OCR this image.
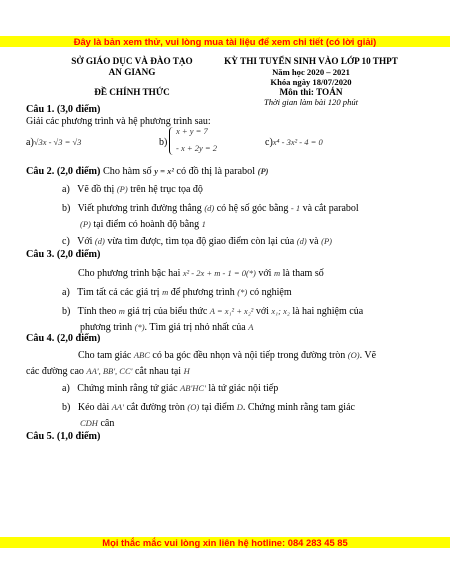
Đây là bản xem thử, vui lòng mua tài liệu để xem chi tiết (có lời giải)
Mọi thắc mắc vui lòng xin liên hệ hotline: 084 283 45 85
SỞ GIÁO DỤC VÀ ĐÀO TẠO
AN GIANG
ĐỀ CHÍNH THỨC
KỲ THI TUYỂN SINH VÀO LỚP 10 THPT
Năm học 2020 – 2021
Khóa ngày 18/07/2020
Môn thi: TOÁN
Thời gian làm bài 120 phút
Câu 1. (3,0 điểm)
Giải các phương trình và hệ phương trình sau:
a)√3x - √3 = √3	b)
x + y = 7
- x + 2y = 2	c)x⁴ - 3x² - 4 = 0
Câu 2. (2,0 điểm) Cho hàm số y = x² có đồ thị là parabol (P)
a) Vẽ đồ thị (P) trên hệ trục tọa độ
b) Viết phương trình đường thẳng (d) có hệ số góc bằng - 1 và cắt parabol
(P) tại điểm có hoành độ bằng 1
c) Với (d) vừa tìm được, tìm tọa độ giao điểm còn lại của (d) và (P)
Câu 3. (2,0 điểm)
Cho phương trình bậc hai x² - 2x + m - 1 = 0(*) với m là tham số
a) Tìm tất cả các giá trị m để phương trình (*) có nghiệm
b) Tính theo m giá trị của biểu thức A = x₁² + x₂² với x₁; x₂ là hai nghiệm của
phương trình (*). Tìm giá trị nhỏ nhất của A
Câu 4. (2,0 điểm)
Cho tam giác ABC có ba góc đều nhọn và nội tiếp trong đường tròn (O). Vẽ
các đường cao AA', BB', CC' cắt nhau tại H
a) Chứng minh rằng tứ giác AB'HC' là tứ giác nội tiếp
b) Kéo dài AA' cắt đường tròn (O) tại điểm D. Chứng minh rằng tam giác
CDH cân
Câu 5. (1,0 điểm)
